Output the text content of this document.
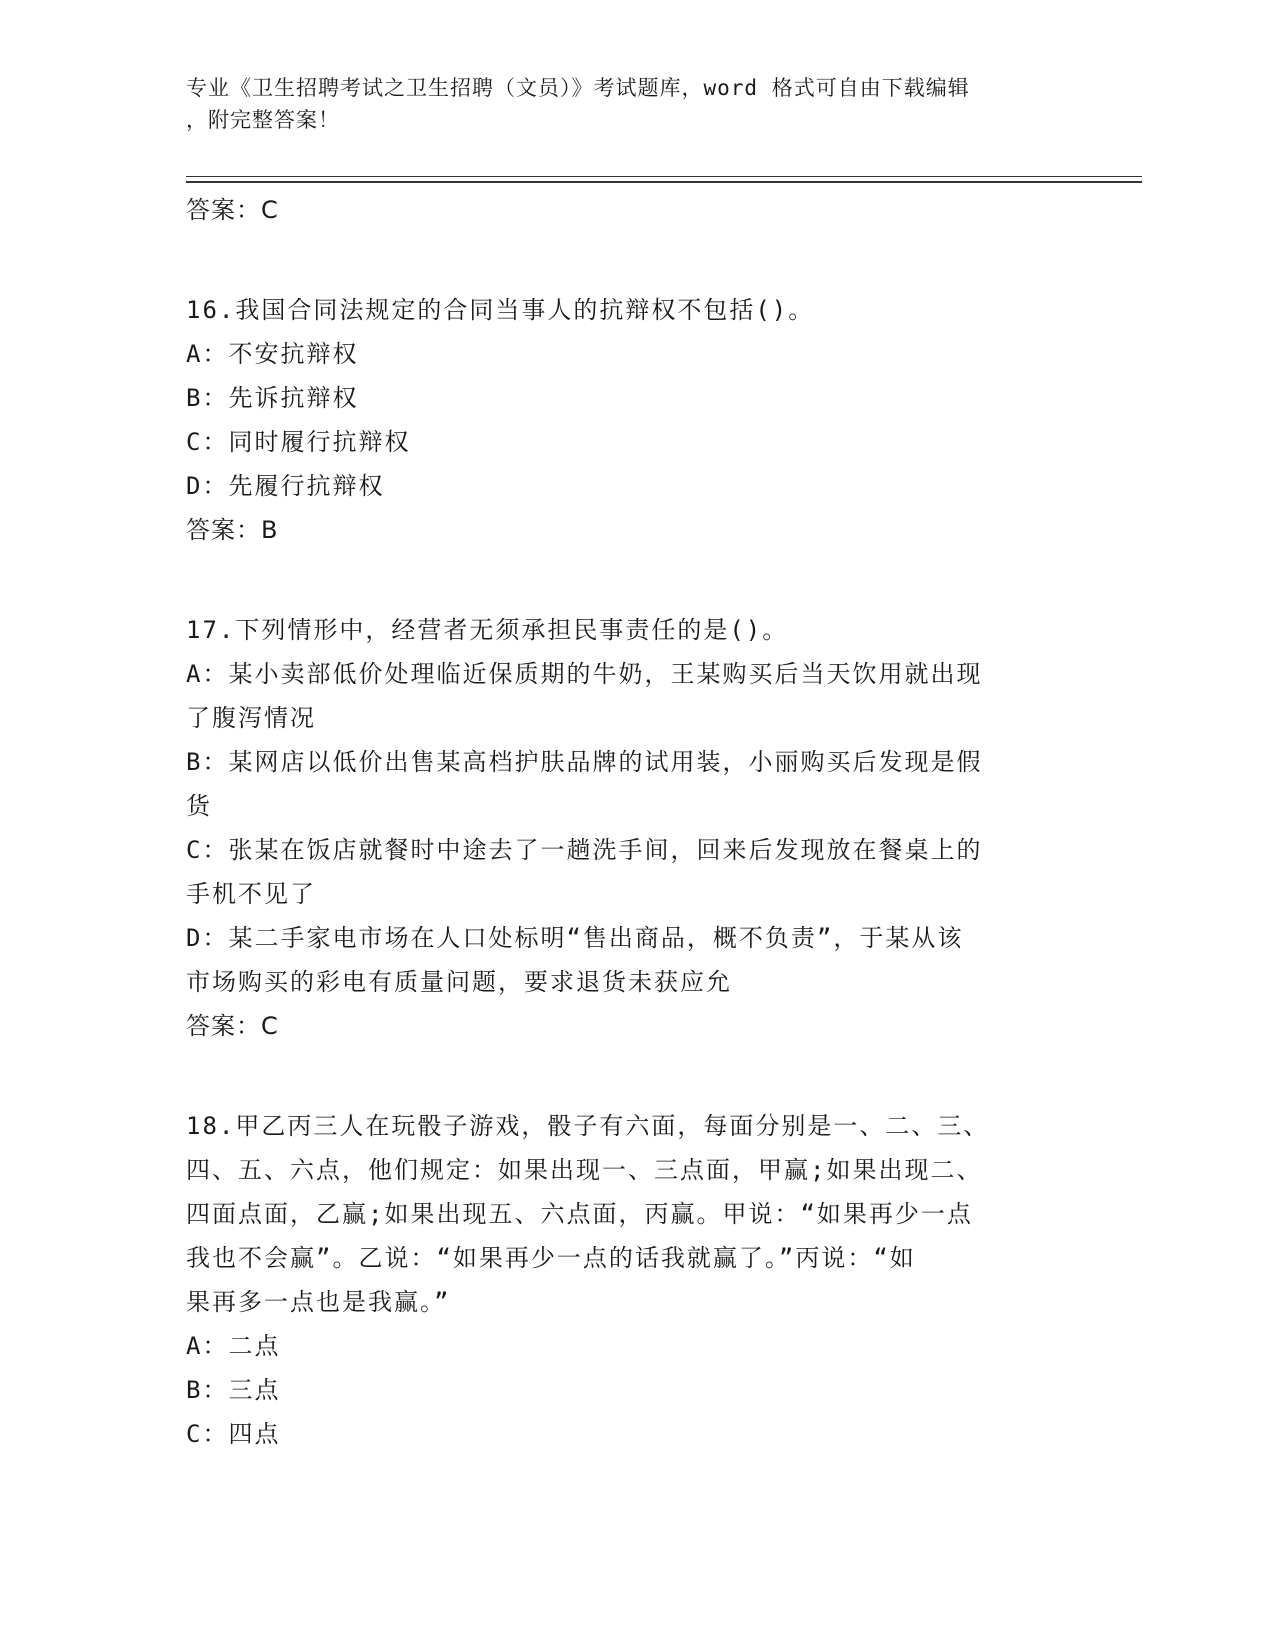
专业《卫生招聘考试之卫生招聘（文员）》考试题库，word 格式可自由下载编辑
，附完整答案！
答案：C
16.我国合同法规定的合同当事人的抗辩权不包括()。
A：不安抗辩权
B：先诉抗辩权
C：同时履行抗辩权
D：先履行抗辩权
答案：B
17.下列情形中，经营者无须承担民事责任的是()。
A：某小卖部低价处理临近保质期的牛奶，王某购买后当天饮用就出现
了腹泻情况
B：某网店以低价出售某高档护肤品牌的试用装，小丽购买后发现是假
货
C：张某在饭店就餐时中途去了一趟洗手间，回来后发现放在餐桌上的
手机不见了
D：某二手家电市场在人口处标明“售出商品，概不负责”，于某从该
市场购买的彩电有质量问题，要求退货未获应允
答案：C
18.甲乙丙三人在玩骰子游戏，骰子有六面，每面分别是一、二、三、
四、五、六点，他们规定：如果出现一、三点面，甲赢;如果出现二、
四面点面，乙赢;如果出现五、六点面，丙赢。甲说：“如果再少一点
我也不会赢”。乙说：“如果再少一点的话我就赢了。”丙说：“如
果再多一点也是我赢。”
A：二点
B：三点
C：四点
